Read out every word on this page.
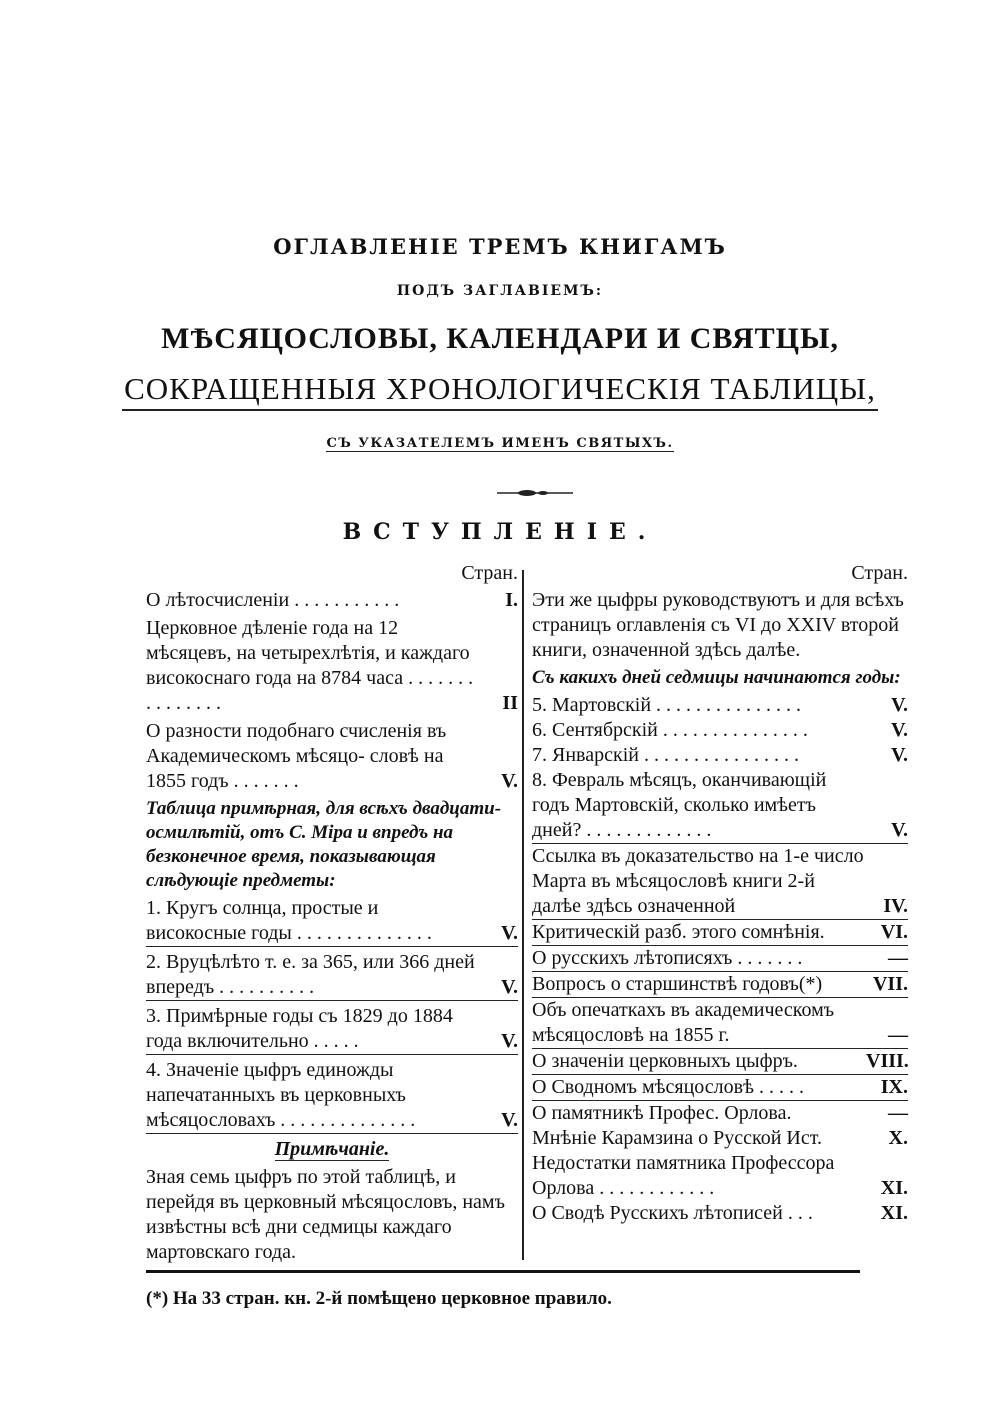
ОГЛАВЛЕНІЕ ТРЕМЪ КНИГАМЪ
ПОДЪ ЗАГЛАВІЕМЪ:
МѢСЯЦОСЛОВЫ, КАЛЕНДАРИ И СВЯТЦЫ,
СОКРАЩЕННЫЯ ХРОНОЛОГИЧЕСКІЯ ТАБЛИЦЫ,
СЪ УКАЗАТЕЛЕМЪ ИМЕНЪ СВЯТЫХЪ.
ВСТУПЛЕНІЕ.
Стран.
О лѣтосчисленіи . . . . . . . . . . .	I.
Церковное дѣленіе года на 12 мѣсяцевъ, на четырехлѣтія, и каждаго високоснаго года на 8784 часа . . . . . . . . . . . . . . .	II
О разности подобнаго счисленія въ Академическомъ мѣсяцо- словѣ на 1855 годъ . . . . . . .	V.
Таблица примѣрная, для всѣхъ двадцати-осмилѣтій, отъ С. Міра и впредъ на безконечное время, показывающая слѣдующіе предметы:
1. Кругъ солнца, простые и високосные годы . . . . . . . . . . . . . .	V.
2. Вруцѣлѣто т. е. за 365, или 366 дней впередъ . . . . . . . . . .	V.
3. Примѣрные годы съ 1829 до 1884 года включительно . . . . .	V.
4. Значеніе цыфръ единожды напечатанныхъ въ церковныхъ мѣсяцословахъ . . . . . . . . . . . . . .	V.
Примѣчаніе.
Зная семь цыфръ по этой таблицѣ, и перейдя въ церковный мѣсяцословъ, намъ извѣстны всѣ дни седмицы каждаго мартовскаго года.
Стран.
Эти же цыфры руководствуютъ и для всѣхъ страницъ оглавленія съ VI до XXIV второй книги, означенной здѣсь далѣе.
Съ какихъ дней седмицы начинаются годы:
5. Мартовскій . . . . . . . . . . . . . . .	V.
6. Сентябрскій . . . . . . . . . . . . . . .	V.
7. Январскій . . . . . . . . . . . . . . . .	V.
8. Февраль мѣсяцъ, оканчивающій годъ Мартовскій, сколько имѣетъ дней? . . . . . . . . . . . . .	V.
Ссылка въ доказательство на 1-е число Марта въ мѣсяцословѣ книги 2-й далѣе здѣсь означенной	IV.
Критическій разб. этого сомнѣнія.	VI.
О русскихъ лѣтописяхъ . . . . . . .	—
Вопросъ о старшинствѣ годовъ(*)	VII.
Объ опечаткахъ въ академическомъ мѣсяцословѣ на 1855 г.	—
О значеніи церковныхъ цыфръ.	VIII.
О Сводномъ мѣсяцословѣ . . . . .	IX.
О памятникѣ Профес. Орлова.	—
Мнѣніе Карамзина о Русской Ист.	X.
Недостатки памятника Профессора Орлова . . . . . . . . . . . .	XI.
О Сводѣ Русскихъ лѣтописей . . .	XI.
(*) На 33 стран. кн. 2-й помѣщено церковное правило.
